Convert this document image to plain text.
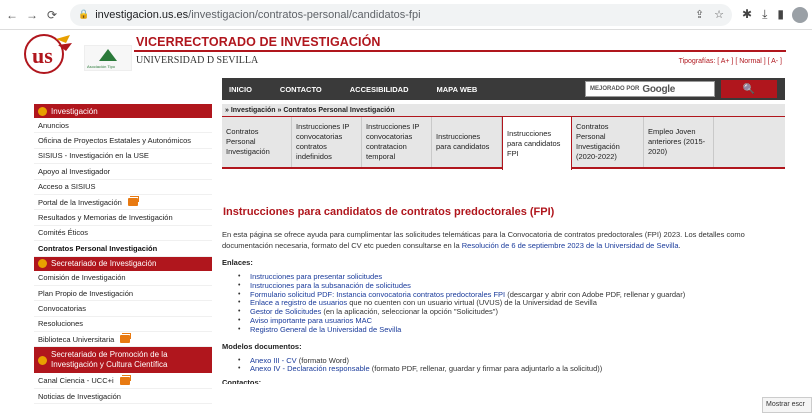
← → ⟳	🔒 investigacion.us.es/investigacion/contratos-personal/candidatos-fpi	⇪ ☆ ✱ ⤓ ▮
us	Asociación Tipo
VICERRECTORADO DE INVESTIGACIÓN
UNIVERSIDAD D SEVILLA	Tipografías: [ A+ ] [ Normal ] [ A- ]
INICIO	CONTACTO	ACCESIBILIDAD	MAPA WEB	MEJORADO POR Google	🔍
Investigación
Anuncios
Oficina de Proyectos Estatales y Autonómicos
SISIUS - Investigación en la USE
Apoyo al Investigador
Acceso a SISIUS
Portal de la Investigación
Resultados y Memorias de Investigación
Comités Éticos
Contratos Personal Investigación
Secretariado de Investigación
Comisión de Investigación
Plan Propio de Investigación
Convocatorias
Resoluciones
Biblioteca Universitaria
Secretariado de Promoción de la Investigación y Cultura Científica
Canal Ciencia - UCC+i
Noticias de Investigación
» Investigación » Contratos Personal Investigación
Contratos Personal Investigación
Instrucciones IP convocatorias contratos indefinidos
Instrucciones IP convocatorias contratacion temporal
Instrucciones para candidatos
Instrucciones para candidatos FPI
Contratos Personal Investigación (2020-2022)
Empleo Joven anteriores (2015-2020)
Instrucciones para candidatos de contratos predoctorales (FPI)
En esta página se ofrece ayuda para cumplimentar las solicitudes telemáticas para la Convocatoria de contratos predoctorales (FPI) 2023. Los detalles como documentación necesaria, formato del CV etc pueden consultarse en la Resolución de 6 de septiembre 2023 de la Universidad de Sevilla.
Enlaces:
• Instrucciones para presentar solicitudes
• Instrucciones para la subsanación de solicitudes
• Formulario solicitud PDF: Instancia convocatoria contratos predoctorales FPI (descargar y abrir con Adobe PDF, rellenar y guardar)
• Enlace a registro de usuarios que no cuenten con un usuario virtual (UVUS) de la Universidad de Sevilla
• Gestor de Solicitudes (en la aplicación, seleccionar la opción "Solicitudes")
• Aviso importante para usuarios MAC
• Registro General de la Universidad de Sevilla
Modelos documentos:
• Anexo III - CV (formato Word)
• Anexo IV - Declaración responsable (formato PDF, rellenar, guardar y firmar para adjuntarlo a la solicitud))
Contactos:
Mostrar escr
